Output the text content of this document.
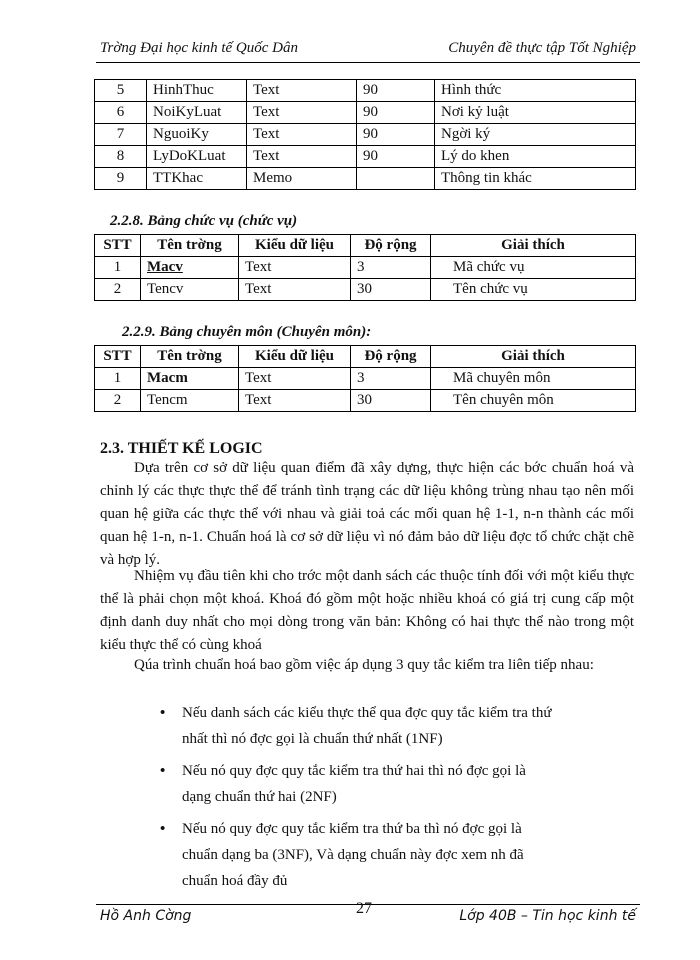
Trờng Đại học kinh tế Quốc Dân	Chuyên đề thực tập Tốt Nghiệp
5	HinhThuc	Text	90	Hình thức
6	NoiKyLuat	Text	90	Nơi kỷ luật
7	NguoiKy	Text	90	Ngời ký
8	LyDoKLuat	Text	90	Lý do khen
9	TTKhac	Memo		Thông tin khác
2.2.8. Bảng chức vụ (chức vụ)
STT	Tên trờng	Kiểu dữ liệu	Độ rộng	Giải thích
1	Macv	Text	3	Mã chức vụ
2	Tencv	Text	30	Tên chức vụ
2.2.9. Bảng chuyên môn (Chuyên môn):
STT	Tên trờng	Kiểu dữ liệu	Độ rộng	Giải thích
1	Macm	Text	3	Mã chuyên môn
2	Tencm	Text	30	Tên chuyên môn
2.3. THIẾT KẾ LOGIC

Dựa trên cơ sở dữ liệu quan điểm đã xây dựng, thực hiện các bớc chuẩn hoá và chỉnh lý các thực thực thể để tránh tình trạng các dữ liệu không trùng nhau tạo nên mối quan hệ giữa các thực thể với nhau và giải toả các mối quan hệ 1-1, n-n thành các mối quan hệ 1-n, n-1. Chuẩn hoá là cơ sở dữ liệu vì nó đảm bảo dữ liệu đợc tổ chức chặt chẽ và hợp lý.

Nhiệm vụ đầu tiên khi cho trớc một danh sách các thuộc tính đối với một kiểu thực thể là phải chọn một khoá. Khoá đó gồm một hoặc nhiều khoá có giá trị cung cấp một định danh duy nhất cho mọi dòng trong văn bản: Không có hai thực thể nào trong một kiểu thực thể có cùng khoá

Qúa trình chuẩn hoá bao gồm việc áp dụng 3 quy tắc kiểm tra liên tiếp nhau:

• Nếu danh sách các kiểu thực thể qua đợc quy tắc kiểm tra thứ
nhất thì nó đợc gọi là chuẩn thứ nhất (1NF)
• Nếu nó quy đợc quy tắc kiểm tra thứ hai thì nó đợc gọi là
dạng chuẩn thứ hai (2NF)
• Nếu nó quy đợc quy tắc kiểm tra thứ ba thì nó đợc gọi là
chuẩn dạng ba (3NF), Và dạng chuẩn này đợc xem nh đã
chuẩn hoá đầy đủ
Hồ Anh Cờng	27	Lớp 40B – Tin học kinh tế
